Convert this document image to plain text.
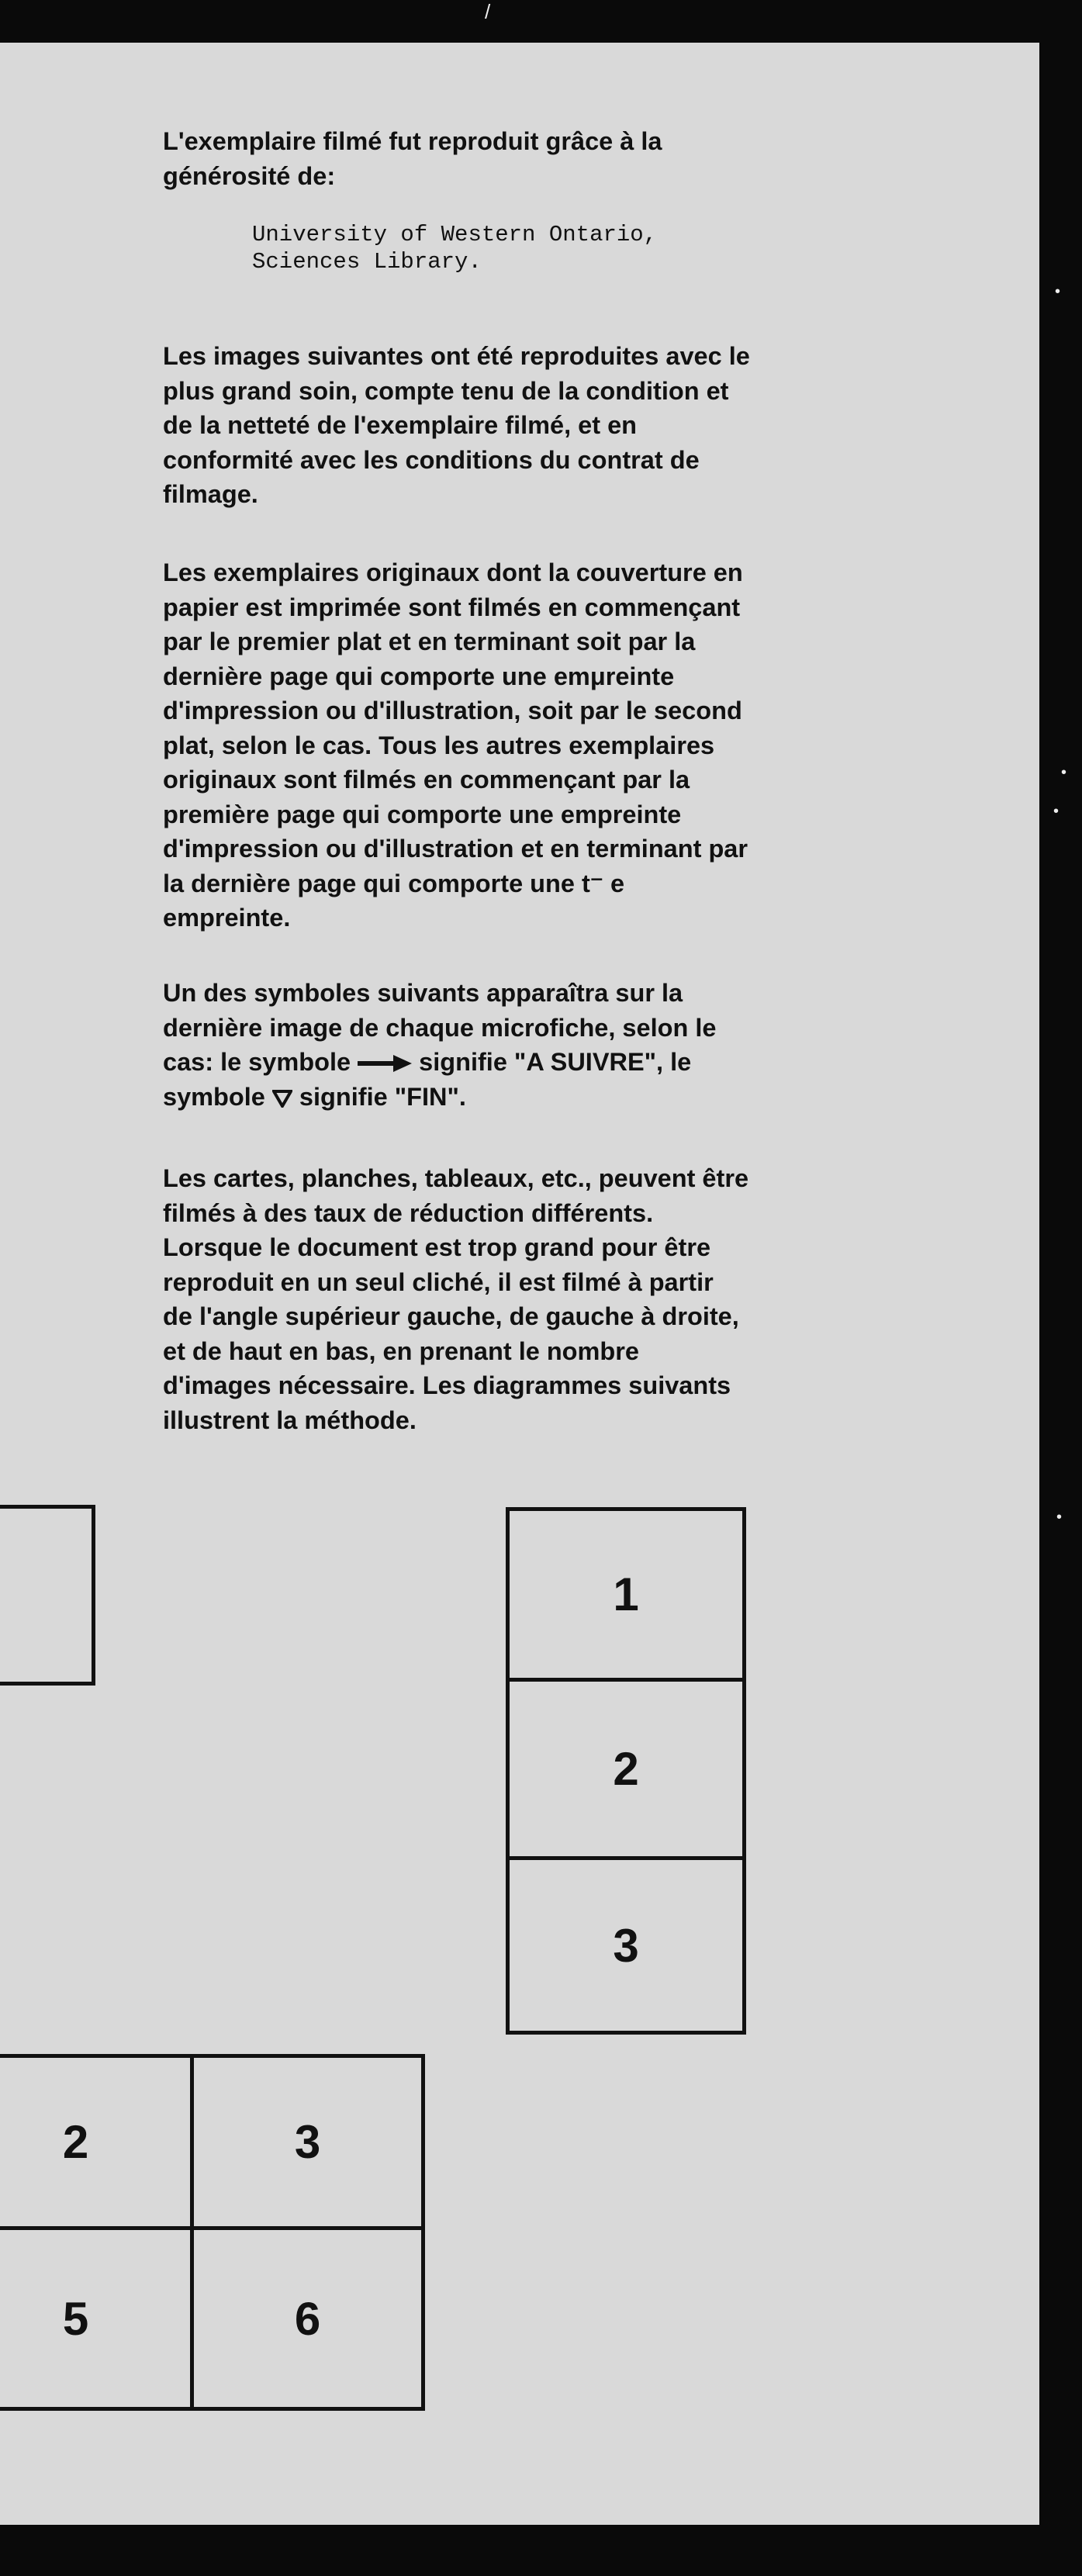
L'exemplaire filmé fut reproduit grâce à la
générosité de:
University of Western Ontario,
Sciences Library.
Les images suivantes ont été reproduites avec le
plus grand soin, compte tenu de la condition et
de la netteté de l'exemplaire filmé, et en
conformité avec les conditions du contrat de
filmage.
Les exemplaires originaux dont la couverture en
papier est imprimée sont filmés en commençant
par le premier plat et en terminant soit par la
dernière page qui comporte une emμreinte
d'impression ou d'illustration, soit par le second
plat, selon le cas. Tous les autres exemplaires
originaux sont filmés en commençant par la
première page qui comporte une empreinte
d'impression ou d'illustration et en terminant par
la dernière page qui comporte une t⁻ e
empreinte.
Un des symboles suivants apparaîtra sur la
dernière image de chaque microfiche, selon le
cas: le symbole	signifie "A SUIVRE", le
symbole signifie "FIN".
Les cartes, planches, tableaux, etc., peuvent être
filmés à des taux de réduction différents.
Lorsque le document est trop grand pour être
reproduit en un seul cliché, il est filmé à partir
de l'angle supérieur gauche, de gauche à droite,
et de haut en bas, en prenant le nombre
d'images nécessaire. Les diagrammes suivants
illustrent la méthode.
1
2
3
2	3
5	6
•
•
•
•
/
